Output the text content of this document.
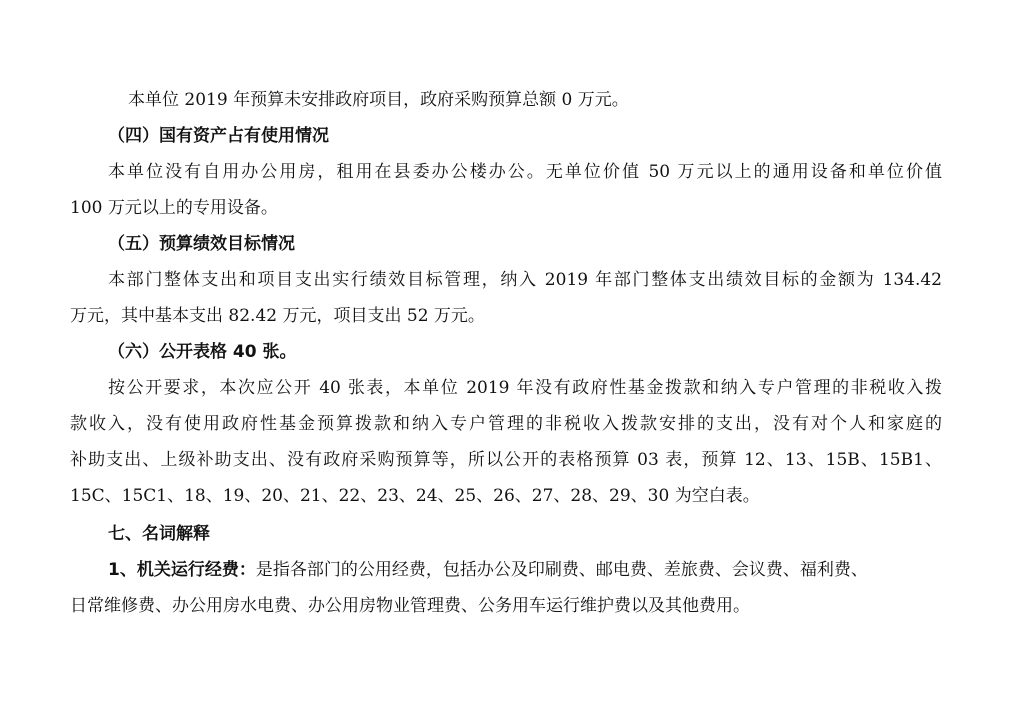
本单位 2019 年预算未安排政府项目，政府采购预算总额 0 万元。
（四）国有资产占有使用情况
本单位没有自用办公用房，租用在县委办公楼办公。无单位价值 50 万元以上的通用设备和单位价值
100 万元以上的专用设备。
（五）预算绩效目标情况
本部门整体支出和项目支出实行绩效目标管理，纳入 2019 年部门整体支出绩效目标的金额为 134.42
万元，其中基本支出 82.42 万元，项目支出 52 万元。
（六）公开表格 40 张。
按公开要求，本次应公开 40 张表，本单位 2019 年没有政府性基金拨款和纳入专户管理的非税收入拨
款收入，没有使用政府性基金预算拨款和纳入专户管理的非税收入拨款安排的支出，没有对个人和家庭的
补助支出、上级补助支出、没有政府采购预算等，所以公开的表格预算 03 表，预算 12、13、15B、15B1、
15C、15C1、18、19、20、21、22、23、24、25、26、27、28、29、30 为空白表。
七、名词解释
1、机关运行经费：是指各部门的公用经费，包括办公及印刷费、邮电费、差旅费、会议费、福利费、
日常维修费、办公用房水电费、办公用房物业管理费、公务用车运行维护费以及其他费用。
